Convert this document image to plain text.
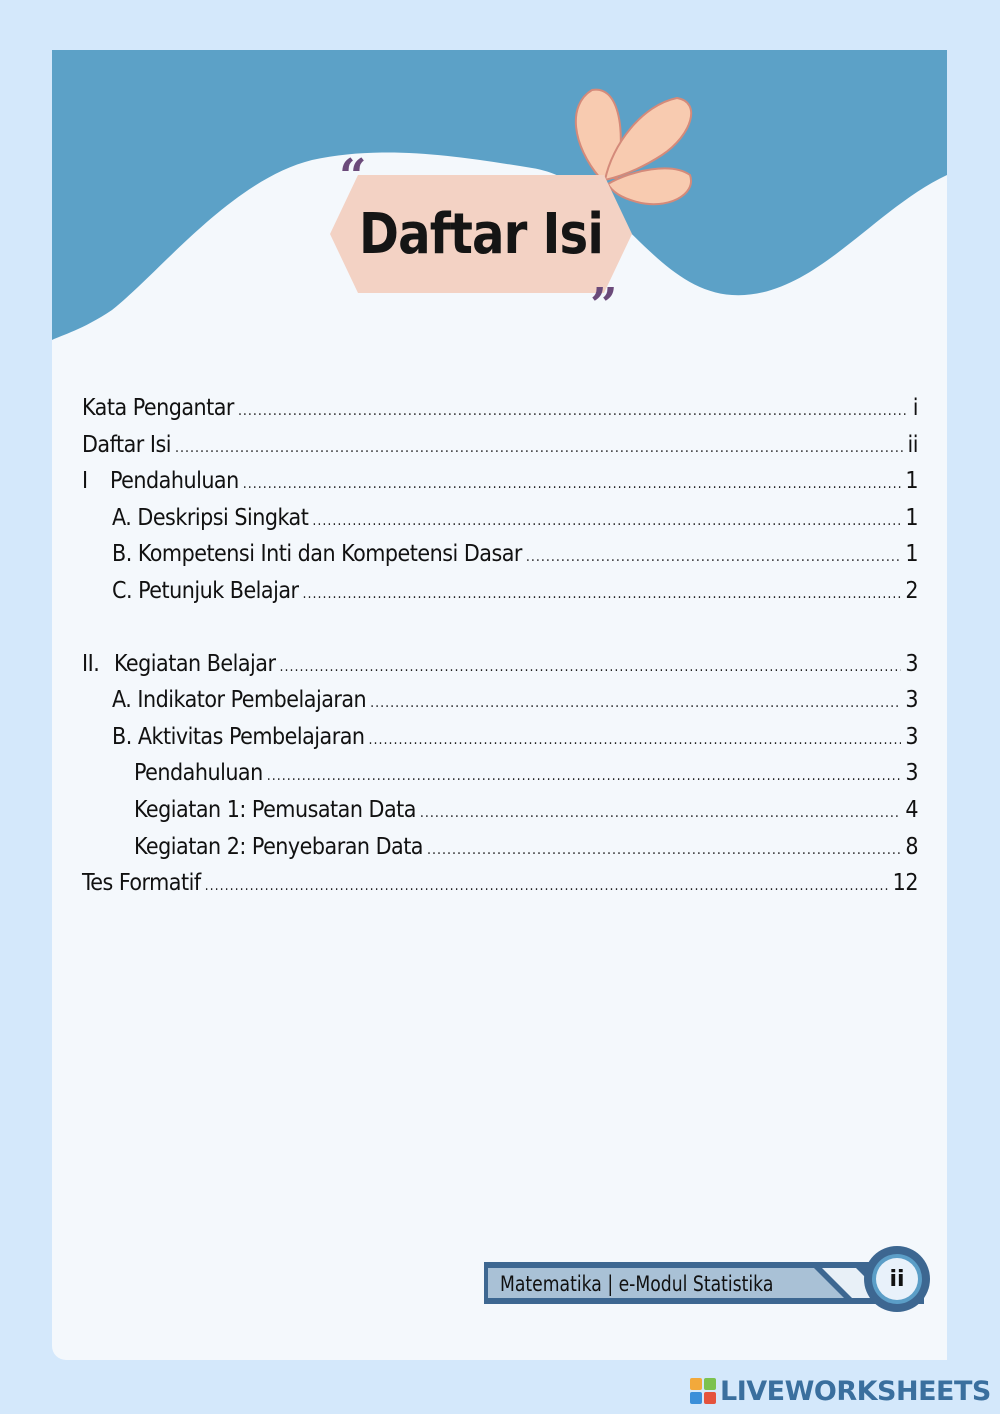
Daftar Isi
“
”
Kata Pengantar .....	i
Daftar Isi .....	ii
I Pendahuluan .....	1
A. Deskripsi Singkat .....	1
B. Kompetensi Inti dan Kompetensi Dasar .....	1
C. Petunjuk Belajar .....	2
II. Kegiatan Belajar .....	3
A. Indikator Pembelajaran .....	3
B. Aktivitas Pembelajaran .....	3
Pendahuluan .....	3
Kegiatan 1: Pemusatan Data .....	4
Kegiatan 2: Penyebaran Data .....	8
Tes Formatif .....	12
Matematika | e-Modul Statistika	ii
LIVEWORKSHEETS
